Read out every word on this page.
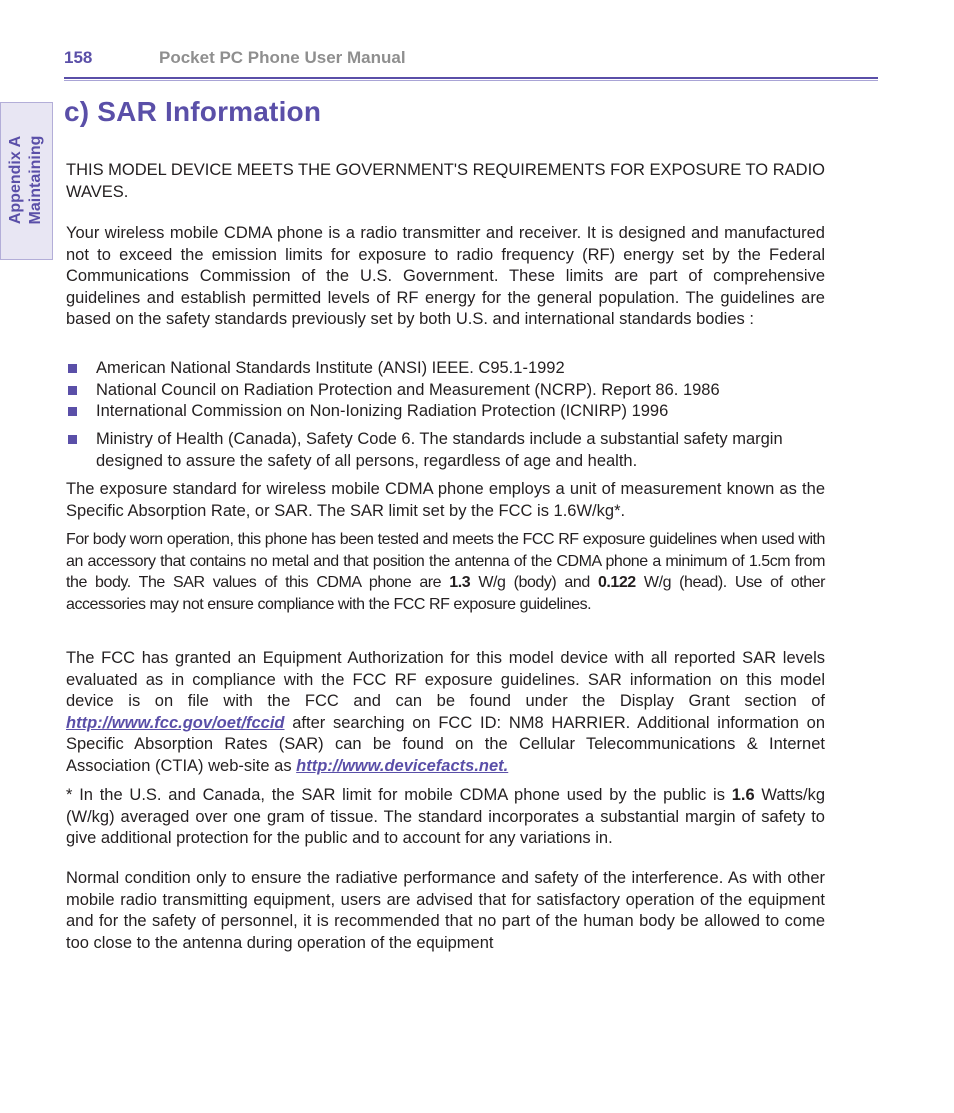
158	Pocket PC Phone User Manual
Appendix A Maintaining
c) SAR Information

THIS MODEL DEVICE MEETS THE GOVERNMENT'S REQUIREMENTS FOR EXPOSURE TO RADIO WAVES.

Your wireless mobile CDMA phone is a radio transmitter and receiver. It is designed and manufactured not to exceed the emission limits for exposure to radio frequency (RF) energy set by the Federal Communications Commission of the U.S. Government. These limits are part of comprehensive guidelines and establish permitted levels of RF energy for the general population. The guidelines are based on the safety standards previously set by both U.S. and international standards bodies :

American National Standards Institute (ANSI) IEEE. C95.1-1992

National Council on Radiation Protection and Measurement (NCRP). Report 86. 1986

International Commission on Non-Ionizing Radiation Protection (ICNIRP) 1996

Ministry of Health (Canada), Safety Code 6. The standards include a substantial safety margin designed to assure the safety of all persons, regardless of age and health.

The exposure standard for wireless mobile CDMA phone employs a unit of measurement known as the Specific Absorption Rate, or SAR. The SAR limit set by the FCC is 1.6W/kg*.

For body worn operation, this phone has been tested and meets the FCC RF exposure guidelines when used with an accessory that contains no metal and that position the antenna of the CDMA phone a minimum of 1.5cm from the body. The SAR values of this CDMA phone are 1.3 W/g (body) and 0.122 W/g (head). Use of other accessories may not ensure compliance with the FCC RF exposure guidelines.

The FCC has granted an Equipment Authorization for this model device with all reported SAR levels evaluated as in compliance with the FCC RF exposure guidelines. SAR information on this model device is on file with the FCC and can be found under the Display Grant section of http://www.fcc.gov/oet/fccid after searching on FCC ID: NM8 HARRIER. Additional information on Specific Absorption Rates (SAR) can be found on the Cellular Telecommunications & Internet Association (CTIA) web-site as http://www.devicefacts.net.

* In the U.S. and Canada, the SAR limit for mobile CDMA phone used by the public is 1.6 Watts/kg (W/kg) averaged over one gram of tissue. The standard incorporates a substantial margin of safety to give additional protection for the public and to account for any variations in.

Normal condition only to ensure the radiative performance and safety of the interference. As with other mobile radio transmitting equipment, users are advised that for satisfactory operation of the equipment and for the safety of personnel, it is recommended that no part of the human body be allowed to come too close to the antenna during operation of the equipment
